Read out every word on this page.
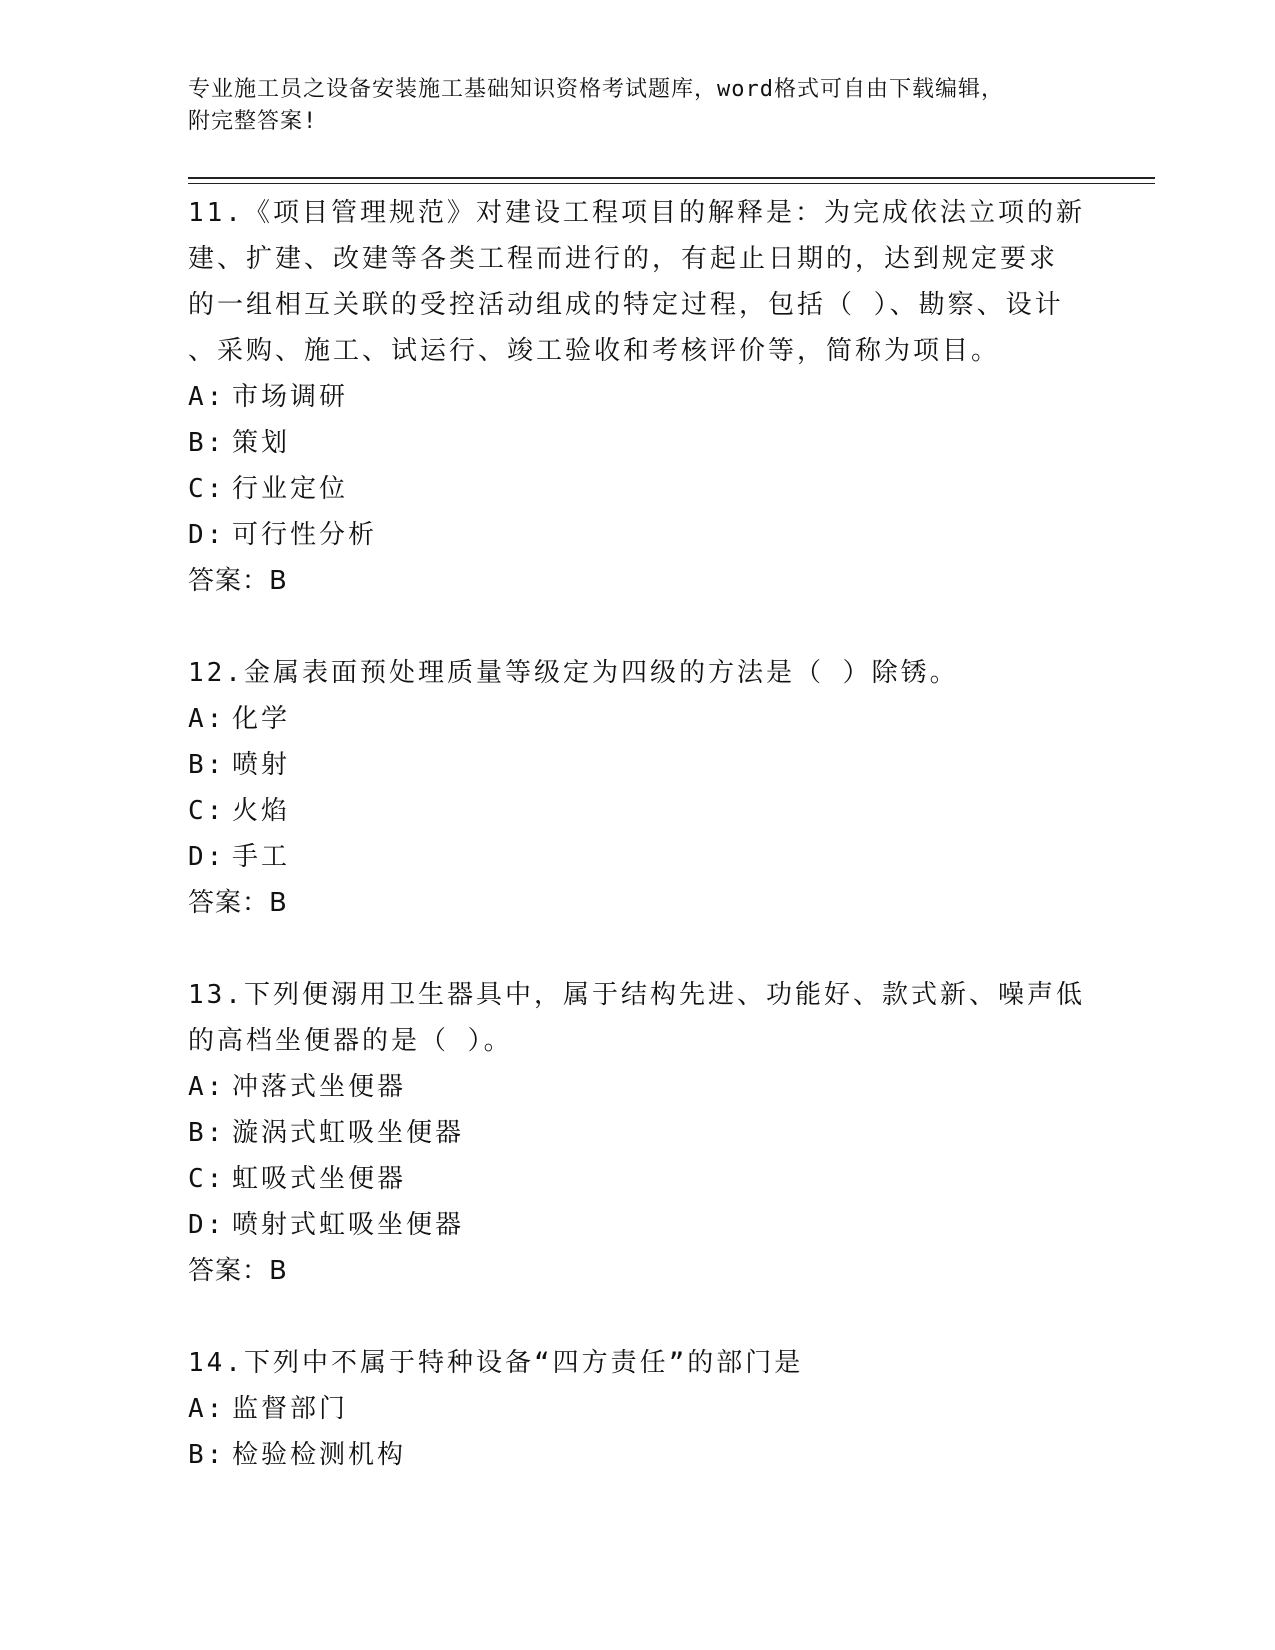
专业施工员之设备安装施工基础知识资格考试题库，word格式可自由下载编辑，
附完整答案!
11.《项目管理规范》对建设工程项目的解释是：为完成依法立项的新
建、扩建、改建等各类工程而进行的，有起止日期的，达到规定要求
的一组相互关联的受控活动组成的特定过程，包括（ ）、勘察、设计
、采购、施工、试运行、竣工验收和考核评价等，简称为项目。
A: 市场调研
B: 策划
C: 行业定位
D: 可行性分析
答案：B
12.金属表面预处理质量等级定为四级的方法是（ ）除锈。
A: 化学
B: 喷射
C: 火焰
D: 手工
答案：B
13.下列便溺用卫生器具中，属于结构先进、功能好、款式新、噪声低
的高档坐便器的是（ ）。
A: 冲落式坐便器
B: 漩涡式虹吸坐便器
C: 虹吸式坐便器
D: 喷射式虹吸坐便器
答案：B
14.下列中不属于特种设备“四方责任”的部门是
A: 监督部门
B: 检验检测机构
